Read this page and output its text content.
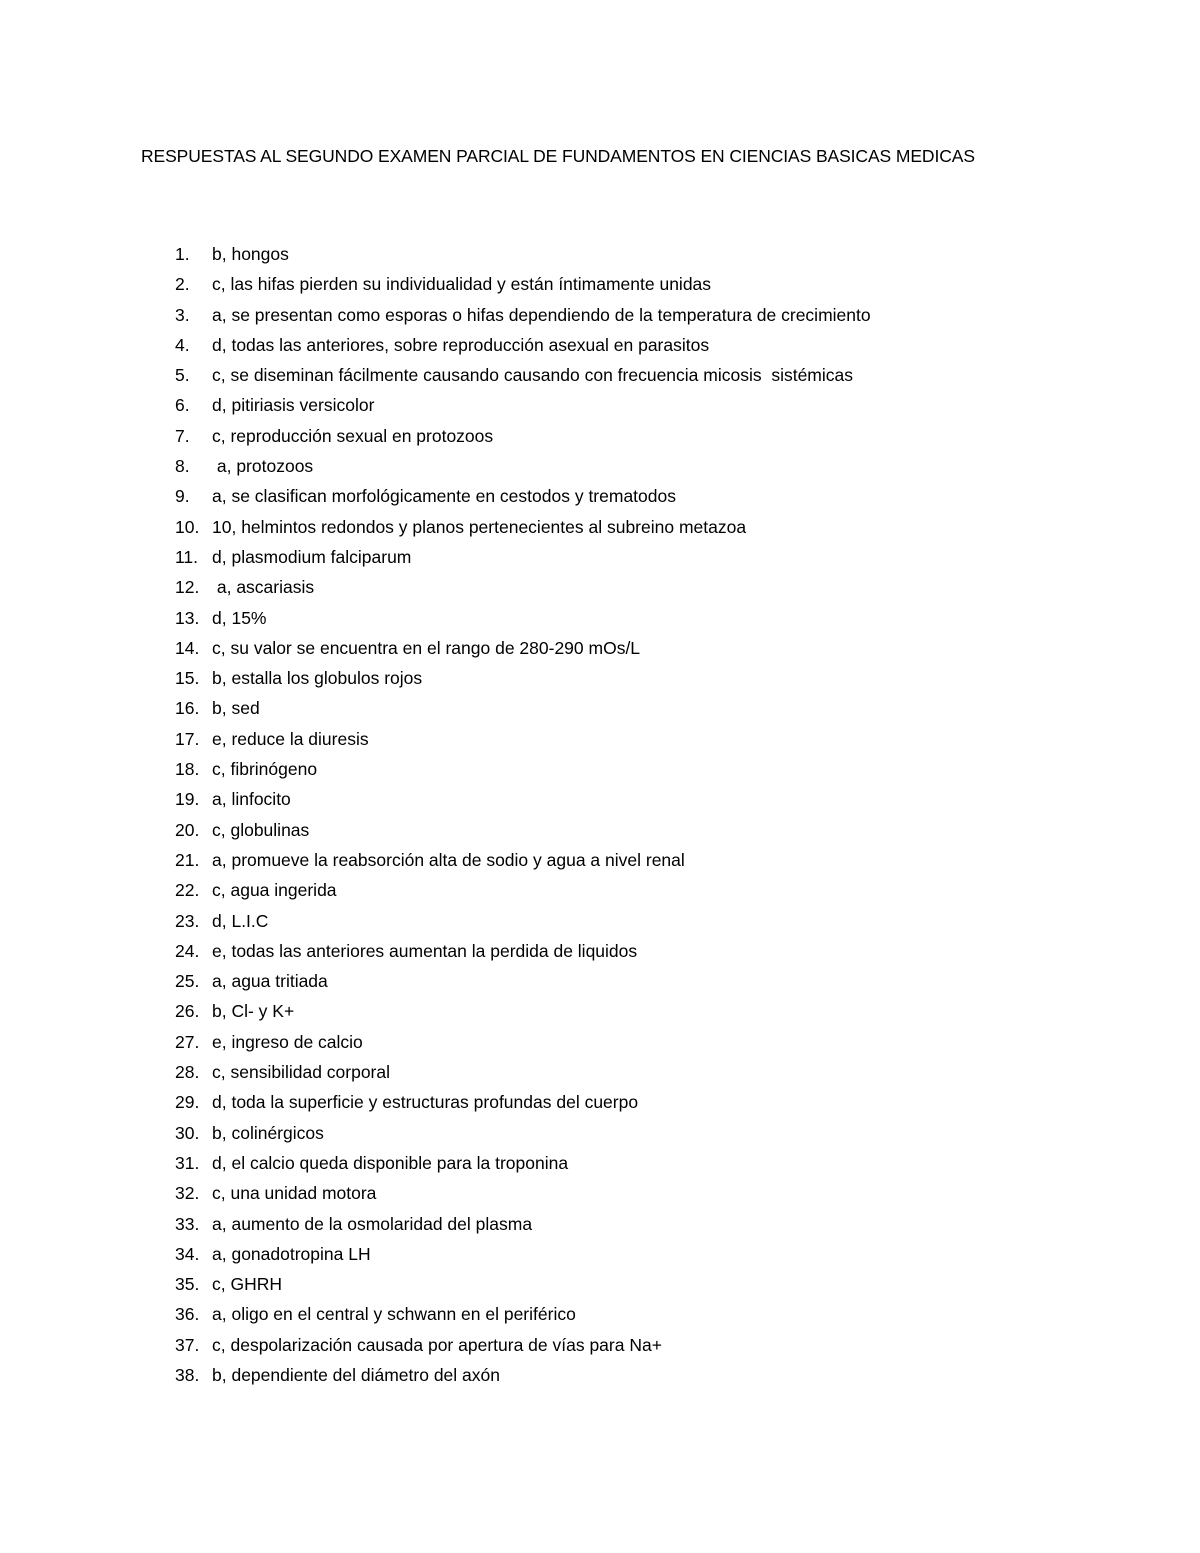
RESPUESTAS AL SEGUNDO EXAMEN PARCIAL DE FUNDAMENTOS EN CIENCIAS BASICAS MEDICAS
1.	b, hongos
2.	c, las hifas pierden su individualidad y están íntimamente unidas
3.	a, se presentan como esporas o hifas dependiendo de la temperatura de crecimiento
4.	d, todas las anteriores, sobre reproducción asexual en parasitos
5.	c, se diseminan fácilmente causando causando con frecuencia micosis  sistémicas
6.	d, pitiriasis versicolor
7.	c, reproducción sexual en protozoos
8.	a, protozoos
9.	a, se clasifican morfológicamente en cestodos y trematodos
10. 10, helmintos redondos y planos pertenecientes al subreino metazoa
11. d, plasmodium falciparum
12. a, ascariasis
13. d, 15%
14. c, su valor se encuentra en el rango de 280-290 mOs/L
15. b, estalla los globulos rojos
16. b, sed
17. e, reduce la diuresis
18. c, fibrinógeno
19. a, linfocito
20. c, globulinas
21. a, promueve la reabsorción alta de sodio y agua a nivel renal
22. c, agua ingerida
23. d, L.I.C
24. e, todas las anteriores aumentan la perdida de liquidos
25. a, agua tritiada
26. b, Cl- y K+
27. e, ingreso de calcio
28. c, sensibilidad corporal
29. d, toda la superficie y estructuras profundas del cuerpo
30. b, colinérgicos
31. d, el calcio queda disponible para la troponina
32. c, una unidad motora
33. a, aumento de la osmolaridad del plasma
34. a, gonadotropina LH
35. c, GHRH
36. a, oligo en el central y schwann en el periférico
37. c, despolarización causada por apertura de vías para Na+
38. b, dependiente del diámetro del axón
